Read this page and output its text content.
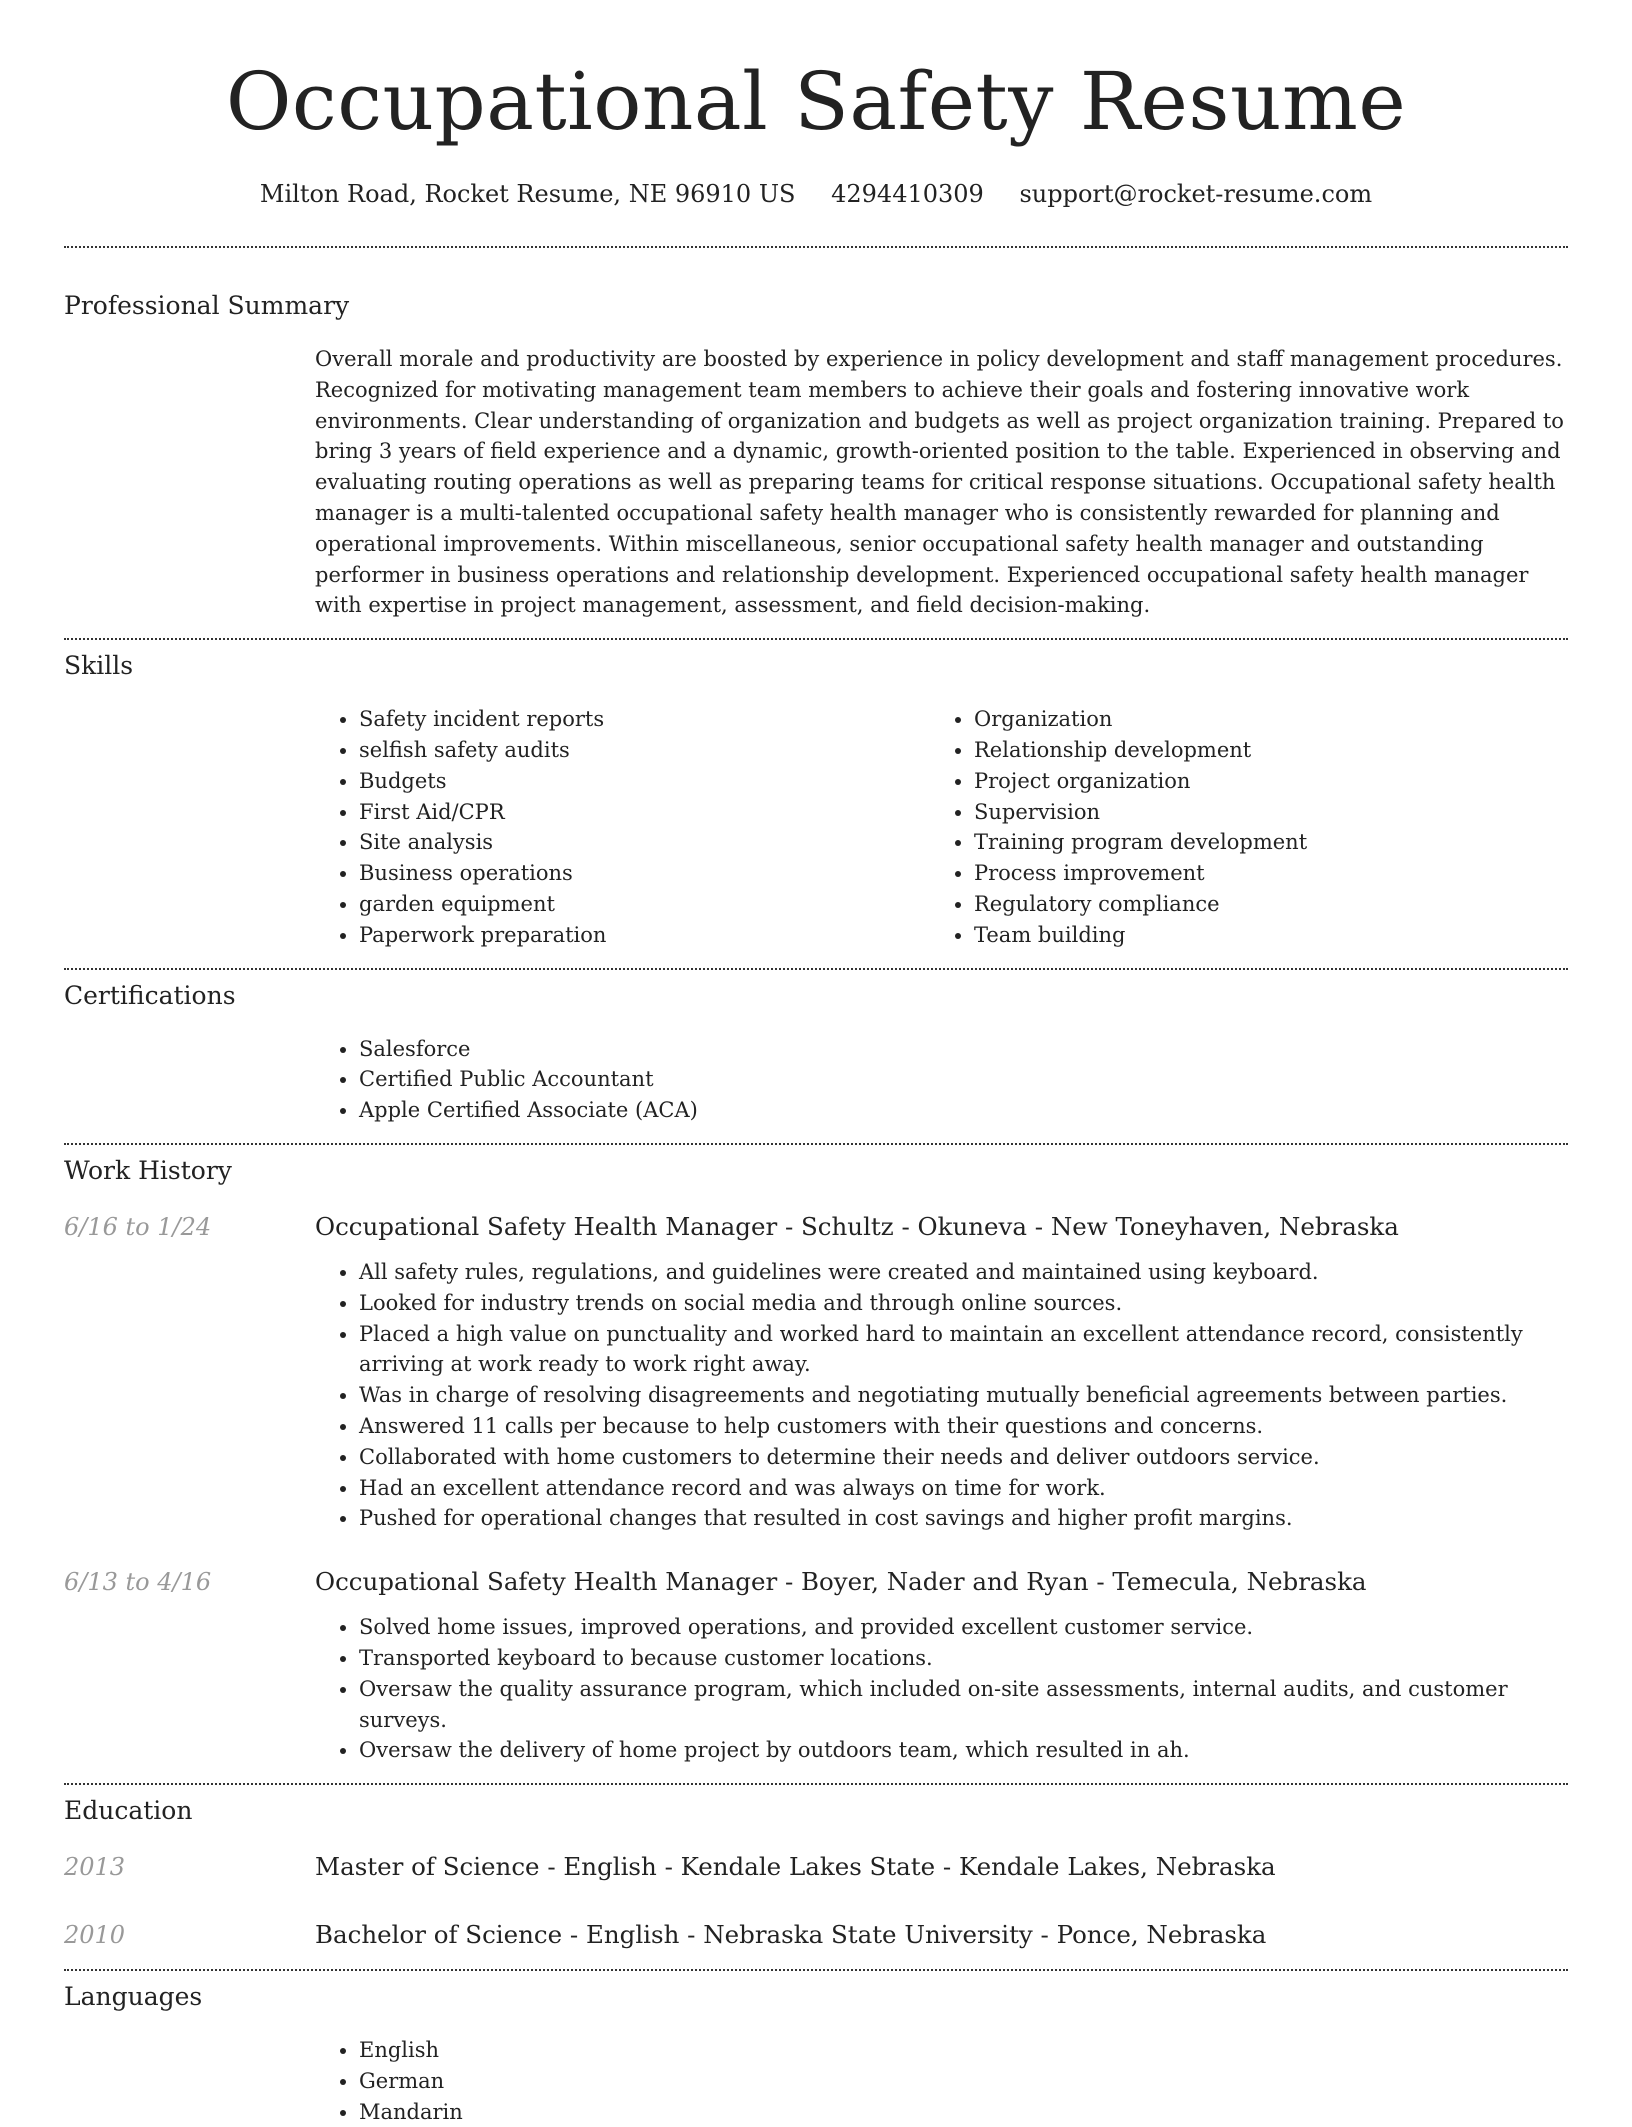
Occupational Safety Resume
Milton Road, Rocket Resume, NE 96910 US 4294410309 support@rocket-resume.com
Professional Summary

Overall morale and productivity are boosted by experience in policy development and staff management procedures. Recognized for motivating management team members to achieve their goals and fostering innovative work environments. Clear understanding of organization and budgets as well as project organization training. Prepared to bring 3 years of field experience and a dynamic, growth-oriented position to the table. Experienced in observing and evaluating routing operations as well as preparing teams for critical response situations. Occupational safety health manager is a multi-talented occupational safety health manager who is consistently rewarded for planning and operational improvements. Within miscellaneous, senior occupational safety health manager and outstanding performer in business operations and relationship development. Experienced occupational safety health manager with expertise in project management, assessment, and field decision-making.

Skills
• Safety incident reports
• selfish safety audits
• Budgets
• First Aid/CPR
• Site analysis
• Business operations
• garden equipment
• Paperwork preparation
• Organization
• Relationship development
• Project organization
• Supervision
• Training program development
• Process improvement
• Regulatory compliance
• Team building
Certifications
• Salesforce
• Certified Public Accountant
• Apple Certified Associate (ACA)
Work History
6/16 to 1/24	Occupational Safety Health Manager - Schultz - Okuneva - New Toneyhaven, Nebraska
• All safety rules, regulations, and guidelines were created and maintained using keyboard.
• Looked for industry trends on social media and through online sources.
• Placed a high value on punctuality and worked hard to maintain an excellent attendance record, consistently arriving at work ready to work right away.
• Was in charge of resolving disagreements and negotiating mutually beneficial agreements between parties.
• Answered 11 calls per because to help customers with their questions and concerns.
• Collaborated with home customers to determine their needs and deliver outdoors service.
• Had an excellent attendance record and was always on time for work.
• Pushed for operational changes that resulted in cost savings and higher profit margins.
6/13 to 4/16	Occupational Safety Health Manager - Boyer, Nader and Ryan - Temecula, Nebraska
• Solved home issues, improved operations, and provided excellent customer service.
• Transported keyboard to because customer locations.
• Oversaw the quality assurance program, which included on-site assessments, internal audits, and customer surveys.
• Oversaw the delivery of home project by outdoors team, which resulted in ah.
Education
2013	Master of Science - English - Kendale Lakes State - Kendale Lakes, Nebraska
2010	Bachelor of Science - English - Nebraska State University - Ponce, Nebraska
Languages
• English
• German
• Mandarin
